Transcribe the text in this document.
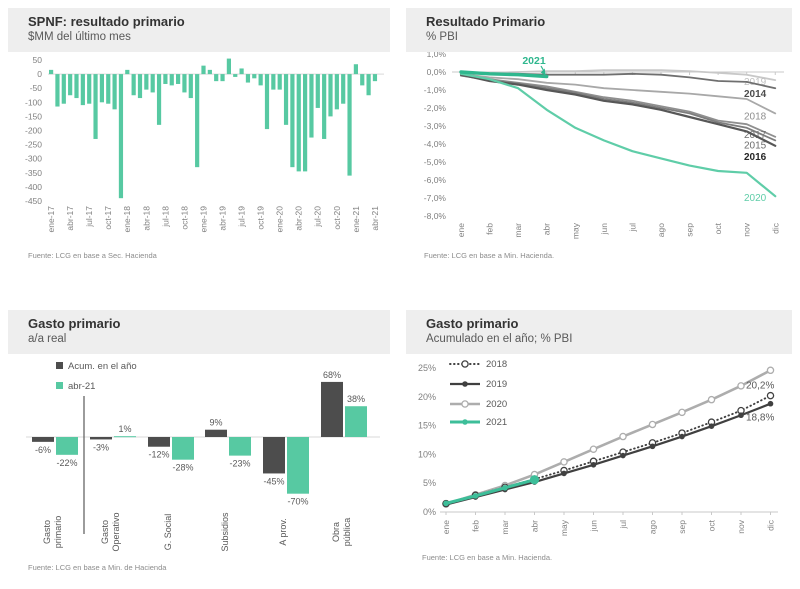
SPNF: resultado primario
$MM del último mes
50
0
-50
-100
-150
-200
-250
-300
-350
-400
-450
ene-17 abr-17 jul-17 oct-17 ene-18 abr-18 jul-18 oct-18 ene-19 abr-19 jul-19 oct-19 ene-20 abr-20 jul-20 oct-20 ene-21 abr-21
Fuente: LCG en base a Sec. Hacienda
Resultado Primario
% PBI
1,0%
0,0%
-1,0%
-2,0%
-3,0%
-4,0%
-5,0%
-6,0%
-7,0%
-8,0%
ene feb mar abr may jun jul ago sep oct nov dic
2019
2014
2018
2017
2015
2016
2020
2021
Fuente: LCG en base a Min. Hacienda.
Gasto primario
a/a real
Acum. en el año
abr-21
-6%
-22%
Gasto primario
-3%
1%
Gasto Operativo
-12%
-28%
G. Social
9%
-23%
Subsidios
-45%
-70%
A prov.
68%
38%
Obra pública
Fuente: LCG en base a Min. de Hacienda
Gasto primario
Acumulado en el año; % PBI
25%
20%
15%
10%
5%
0%
ene feb mar abr may jun jul ago sep oct nov dic
20,2%
18,8%
2018
2019
2020
2021
Fuente: LCG en base a Min. Hacienda.
